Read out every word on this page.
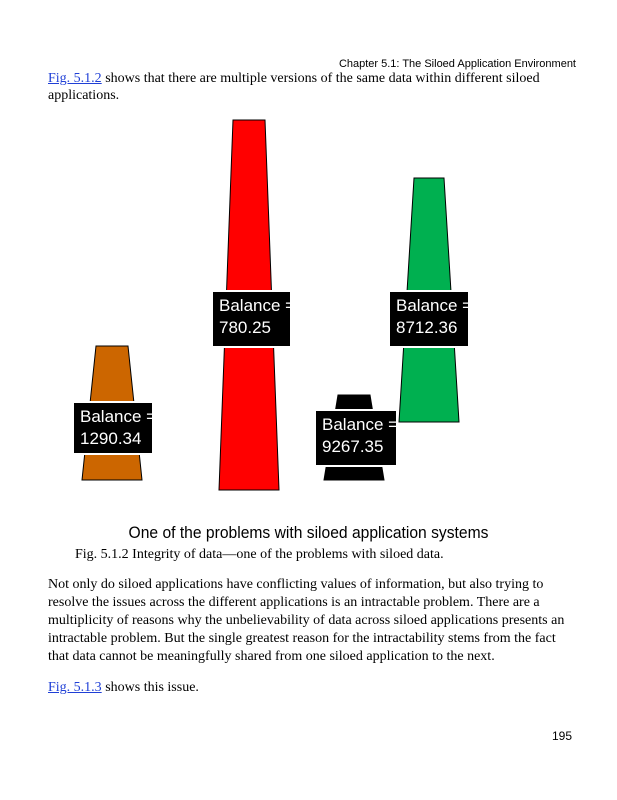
Chapter 5.1: The Siloed Application Environment
Fig. 5.1.2 shows that there are multiple versions of the same data within different siloed applications.
Balance =
1290.34
Balance =
780.25
Balance =
9267.35
Balance =
8712.36
One of the problems with siloed application systems
Fig. 5.1.2 Integrity of data—one of the problems with siloed data.
Not only do siloed applications have conflicting values of information, but also trying to resolve the issues across the different applications is an intractable problem. There are a multiplicity of reasons why the unbelievability of data across siloed applications presents an intractable problem. But the single greatest reason for the intractability stems from the fact that data cannot be meaningfully shared from one siloed application to the next.
Fig. 5.1.3 shows this issue.
195
